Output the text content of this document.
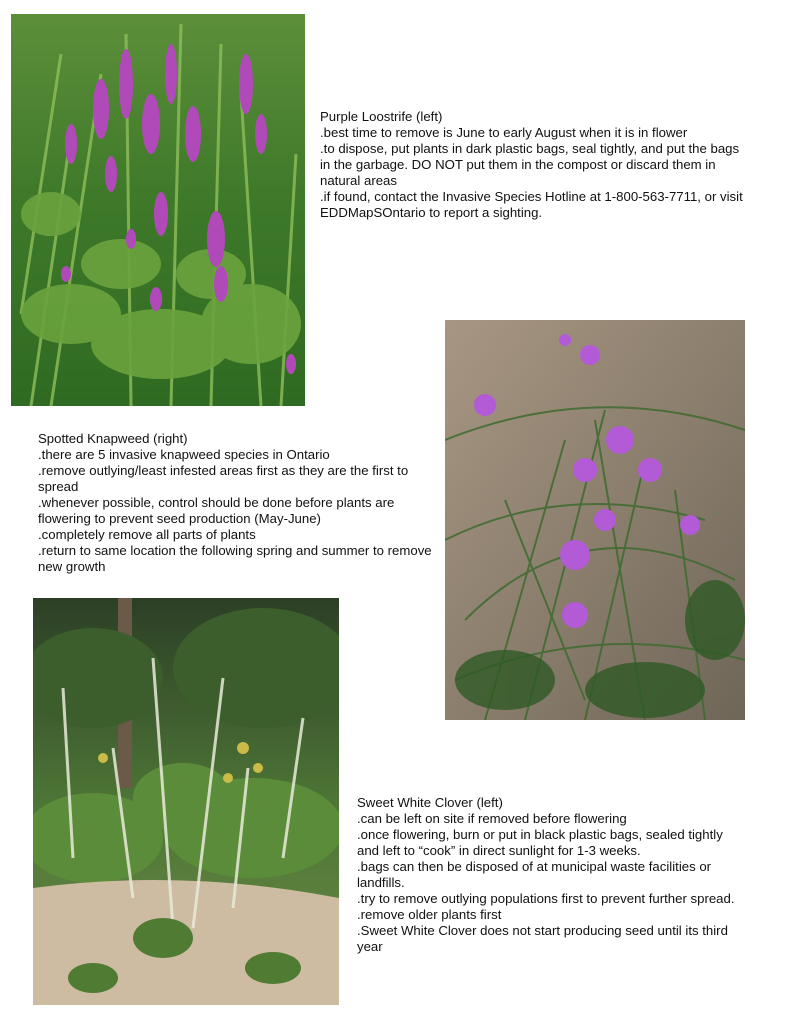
Purple Loostrife (left)

.best time to remove is June to early August when it is in flower

.to dispose, put plants in dark plastic bags, seal tightly, and put the bags in the garbage. DO NOT put them in the compost or discard them in natural areas

.if found, contact the Invasive Species Hotline at 1-800-563-7711, or visit EDDMapSOntario to report a sighting.

Spotted Knapweed (right)

.there are 5 invasive knapweed species in Ontario

.remove outlying/least infested areas first as they are the first to spread

.whenever possible, control should be done before plants are flowering to prevent seed production (May-June)

.completely remove all parts of plants

.return to same location the following spring and summer to remove new growth

Sweet White Clover (left)

.can be left on site if removed before flowering

.once flowering, burn or put in black plastic bags, sealed tightly and left to “cook” in direct sunlight for 1-3 weeks.

.bags can then be disposed of at municipal waste facilities or landfills.

.try to remove outlying populations first to prevent further spread.

.remove older plants first

.Sweet White Clover does not start producing seed until its third year
